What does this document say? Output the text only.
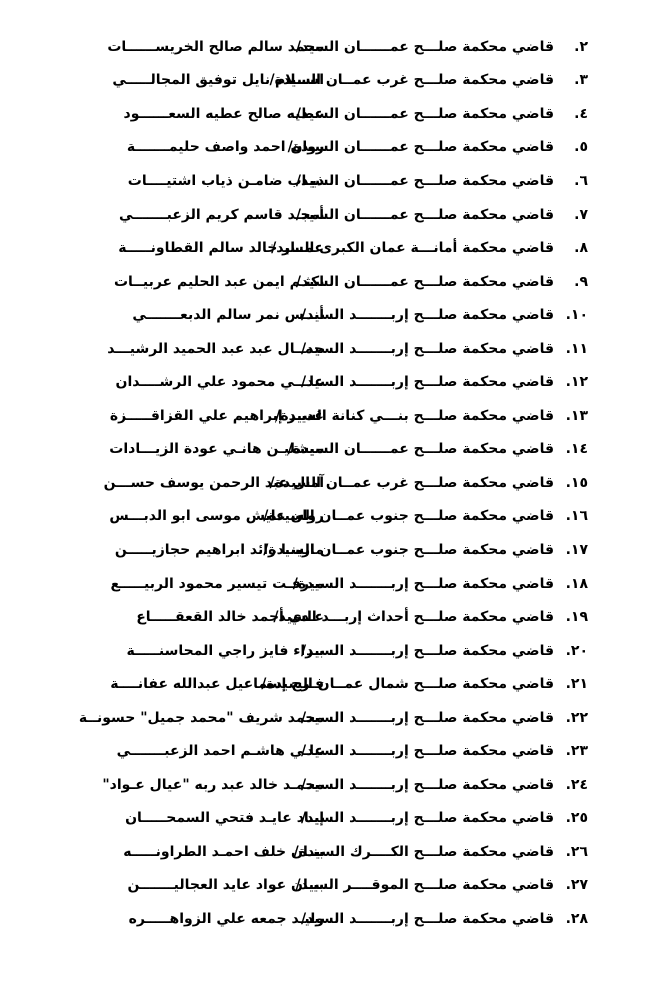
٢.
قاضي محكمة صلـــح عمــــــان السيد/
محمد سالم صالح الخريســــــات
٣.
قاضي محكمة صلـــح غرب عمــان السيدة/
اســلام نايل توفيق المجالـــــي
٤.
قاضي محكمة صلـــح عمــــــان السيد/
عطيه صالح عطيه السعــــــود
٥.
قاضي محكمة صلـــح عمــــــان السيدة/
روان احمد واصف حليمـــــــة
٦.
قاضي محكمة صلـــح عمــــــان السيد/
ذيـاب ضامـن ذياب اشتيــــات
٧.
قاضي محكمة صلـــح عمــــــان السيد/
أمجـد قاسم كريم الزعبـــــــي
٨.
قاضي محكمة أمانـــة عمان الكبرى السيد/
عمــار خالد سالم القطاونـــــة
٩.
قاضي محكمة صلـــح عمــــــان السيد/
اكثـم ايمن عبد الحليم عربيــات
١٠.
قاضي محكمة صلـــح إربـــــــد السيد/
أنــس نمر سالم الدبعـــــــي
١١.
قاضي محكمة صلـــح إربـــــــد السيد/
جمــال عبد عبد الحميد الرشيـــد
١٢.
قاضي محكمة صلـــح إربـــــــد السيد/
علـــي محمود علي الرشــــدان
١٣.
قاضي محكمة صلـــح بنـــي كنانة السيدة/
غديـر إبراهيم علي القزاقـــــزة
١٤.
قاضي محكمة صلـــح عمــــــان السيدة/
ميشليـن هانـي عودة الزيـــادات
١٥.
قاضي محكمة صلـــح غرب عمــان السيدة/
آمال عبد الرحمن يوسف حســـن
١٦.
قاضي محكمة صلـــح جنوب عمــان السيدة/
روان عايش موسى ابو الدبـــس
١٧.
قاضي محكمة صلـــح جنوب عمــان السيدة/
مارينـا رائد ابراهيم حجازيـــــن
١٨.
قاضي محكمة صلـــح إربـــــــد السيدة/
ميرفـت تيسير محمود الربيـــــع
١٩.
قاضي محكمة صلـــح أحداث إربـــد السيد/
عـدي أحمد خالد القعقـــــاع
٢٠.
قاضي محكمة صلـــح إربـــــــد السيد/
بـراء فايز راجي المحاسنـــــة
٢١.
قاضي محكمة صلـــح شمال عمــان السيدة/
فـرح إسماعيل عبدالله عفانــــة
٢٢.
قاضي محكمة صلـــح إربـــــــد السيد/
محمد شريف "محمد جميل" حسونــة
٢٣.
قاضي محكمة صلـــح إربـــــــد السيد/
علـي هاشـم احمد الزعبـــــــي
٢٤.
قاضي محكمة صلـــح إربـــــــد السيد/
محمـد خالد عبد ربه "عيال عـواد"
٢٥.
قاضي محكمة صلـــح إربـــــــد السيد/
إيـاد عايـد فتحي السمحـــــان
٢٦.
قاضي محكمة صلـــح الكــــرك السيدة/
بنـان خلف احمـد الطراونـــــه
٢٧.
قاضي محكمة صلـــح الموقــــر السيد/
بيـان عواد عايد العجاليـــــــن
٢٨.
قاضي محكمة صلـــح إربـــــــد السيد/
وليـد جمعه علي الزواهـــــره
